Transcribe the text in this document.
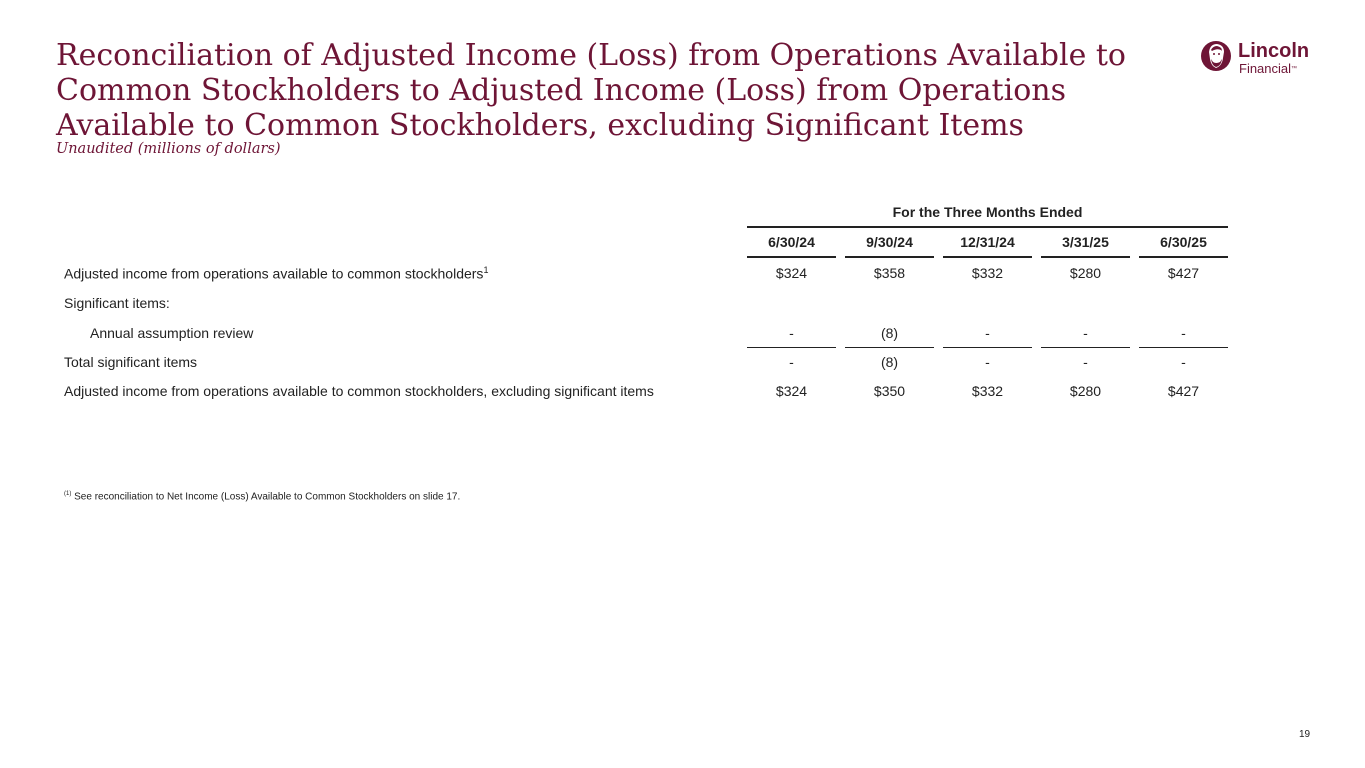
Reconciliation of Adjusted Income (Loss) from Operations Available to Common Stockholders to Adjusted Income (Loss) from Operations Available to Common Stockholders, excluding Significant Items
Unaudited (millions of dollars)
Lincoln
Financial™
	For the Three Months Ended								
	6/30/24		9/30/24		12/31/24		3/31/25		6/30/25
Adjusted income from operations available to common stockholders$^1$	$324		$358		$332		$280		$427
Significant items:									
Annual assumption review	-		(8)		-		-		-
Total significant items	-		(8)		-		-		-
Adjusted income from operations available to common stockholders, excluding significant items	$324		$350		$332		$280		$427
$^{(1)}$ See reconciliation to Net Income (Loss) Available to Common Stockholders on slide 17.
19
